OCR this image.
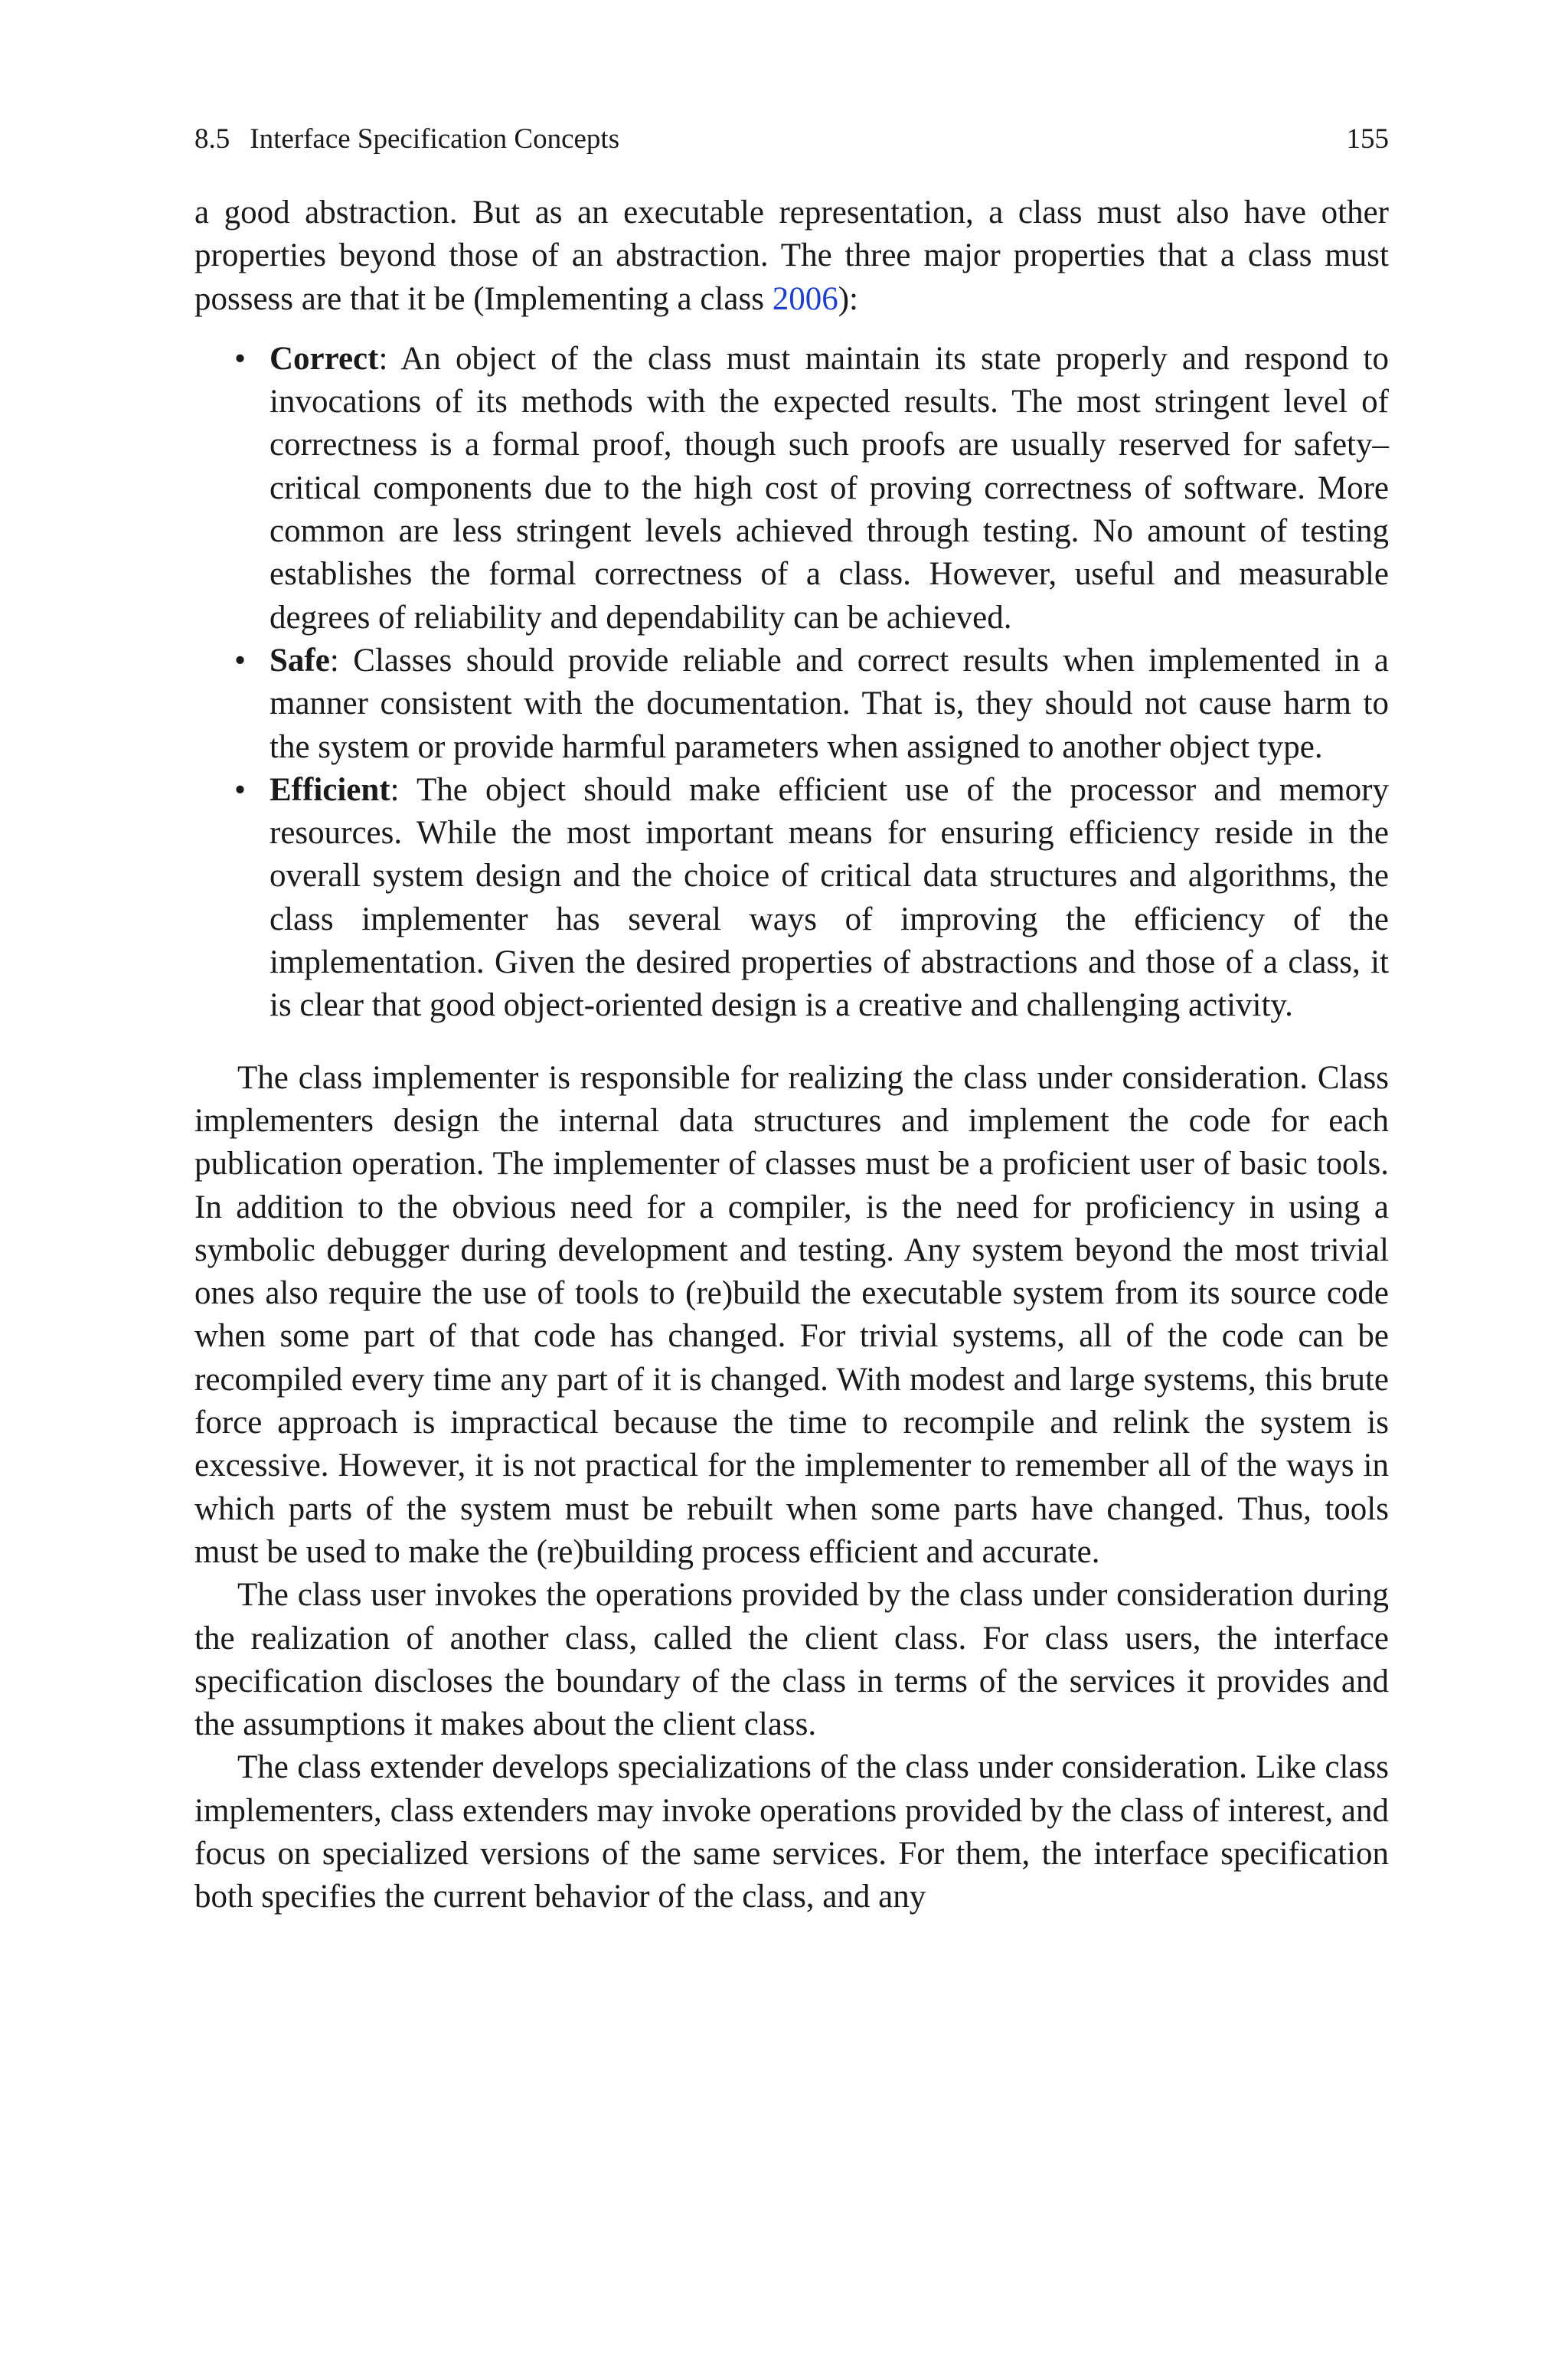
8.5 Interface Specification Concepts	155

a good abstraction. But as an executable representation, a class must also have other properties beyond those of an abstraction. The three major properties that a class must possess are that it be (Implementing a class 2006):

• Correct: An object of the class must maintain its state properly and respond to invocations of its methods with the expected results. The most stringent level of correctness is a formal proof, though such proofs are usually reserved for safety–critical components due to the high cost of proving correctness of software. More common are less stringent levels achieved through testing. No amount of testing establishes the formal correctness of a class. However, useful and measurable degrees of reliability and dependability can be achieved.
• Safe: Classes should provide reliable and correct results when implemented in a manner consistent with the documentation. That is, they should not cause harm to the system or provide harmful parameters when assigned to another object type.
• Efficient: The object should make efficient use of the processor and memory resources. While the most important means for ensuring efficiency reside in the overall system design and the choice of critical data structures and algorithms, the class implementer has several ways of improving the efficiency of the implementation. Given the desired properties of abstractions and those of a class, it is clear that good object-oriented design is a creative and challenging activity.

The class implementer is responsible for realizing the class under consideration. Class implementers design the internal data structures and implement the code for each publication operation. The implementer of classes must be a proficient user of basic tools. In addition to the obvious need for a compiler, is the need for proficiency in using a symbolic debugger during development and testing. Any system beyond the most trivial ones also require the use of tools to (re)build the executable system from its source code when some part of that code has changed. For trivial systems, all of the code can be recompiled every time any part of it is changed. With modest and large systems, this brute force approach is impractical because the time to recompile and relink the system is excessive. However, it is not practical for the implementer to remember all of the ways in which parts of the system must be rebuilt when some parts have changed. Thus, tools must be used to make the (re)building process efficient and accurate.

The class user invokes the operations provided by the class under consideration during the realization of another class, called the client class. For class users, the interface specification discloses the boundary of the class in terms of the services it provides and the assumptions it makes about the client class.

The class extender develops specializations of the class under consideration. Like class implementers, class extenders may invoke operations provided by the class of interest, and focus on specialized versions of the same services. For them, the interface specification both specifies the current behavior of the class, and any
